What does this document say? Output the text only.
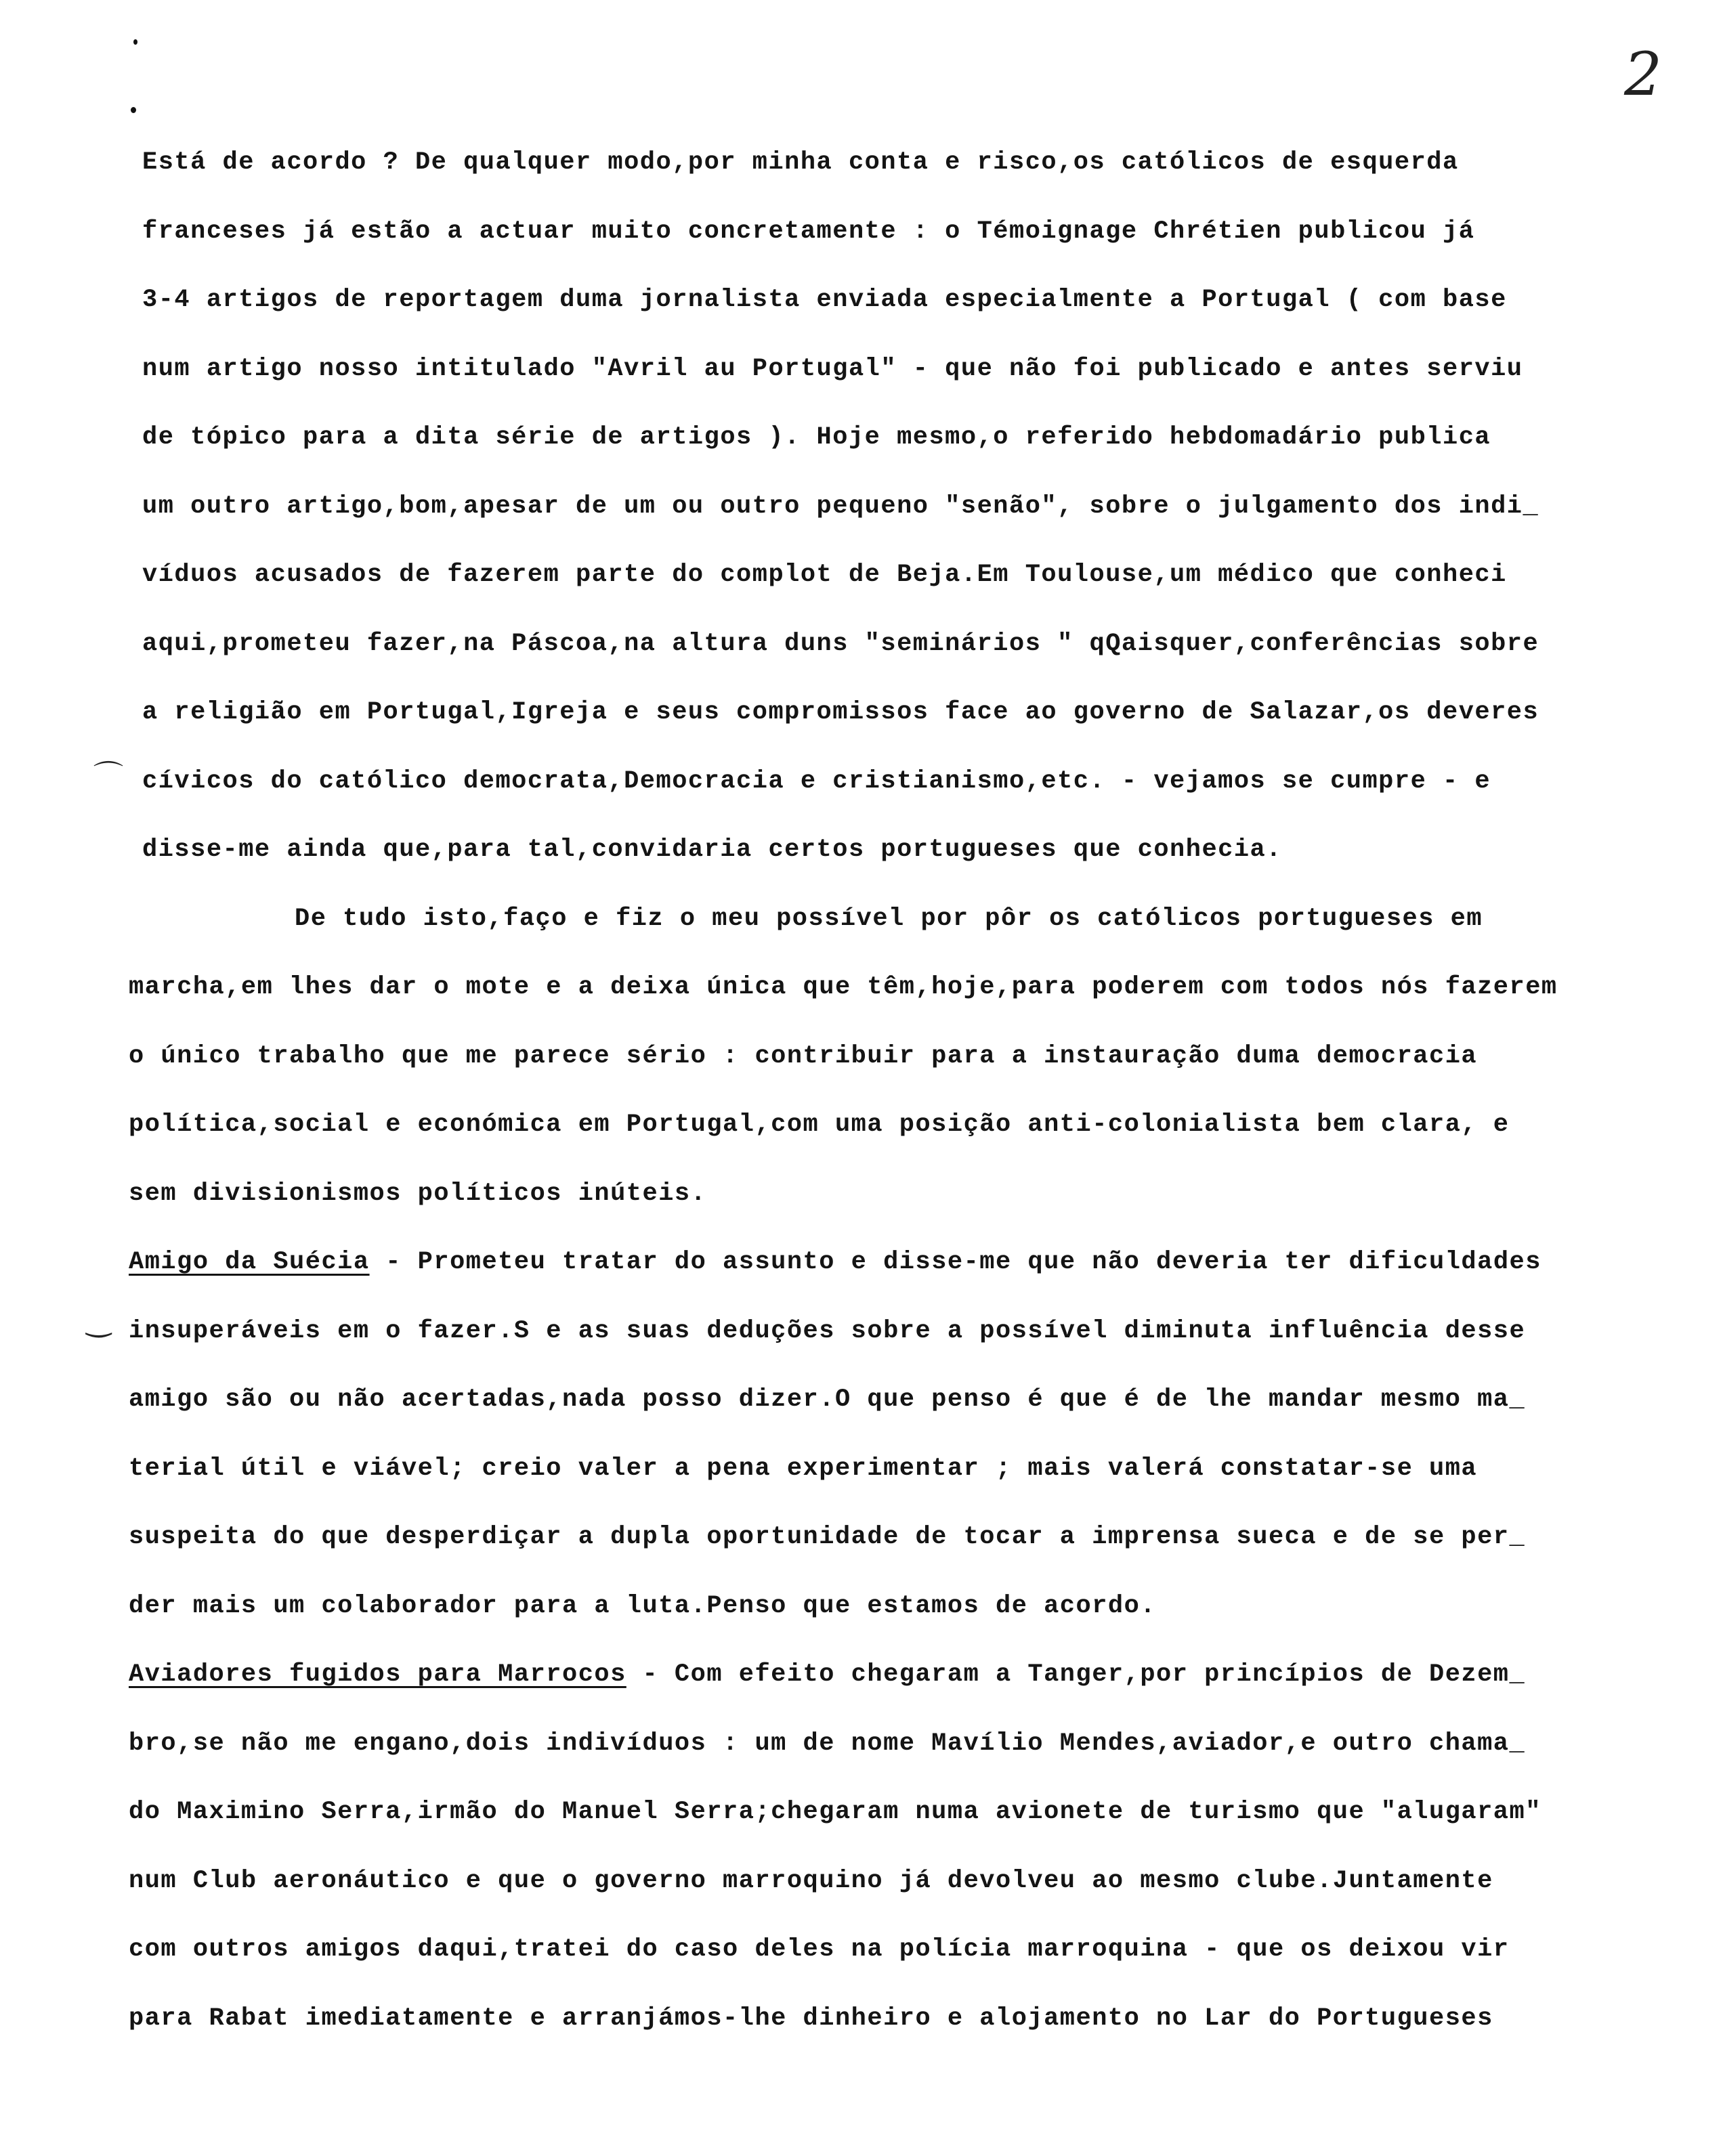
2
⌒
‿
Está de acordo ? De qualquer modo,por minha conta e risco,os católicos de esquerda
franceses já estão a actuar muito concretamente : o Témoignage Chrétien publicou já
3-4 artigos de reportagem duma jornalista enviada especialmente a Portugal ( com base
num artigo nosso intitulado "Avril au Portugal" - que não foi publicado e antes serviu
de tópico para a dita série de artigos ). Hoje mesmo,o referido hebdomadário publica
um outro artigo,bom,apesar de um ou outro pequeno "senão", sobre o julgamento dos indi_
víduos acusados de fazerem parte do complot de Beja.Em Toulouse,um médico que conheci
aqui,prometeu fazer,na Páscoa,na altura duns "seminários " qQaisquer,conferências sobre
a religião em Portugal,Igreja e seus compromissos face ao governo de Salazar,os deveres
cívicos do católico democrata,Democracia e cristianismo,etc. - vejamos se cumpre - e
disse-me ainda que,para tal,convidaria certos portugueses que conhecia.
De tudo isto,faço e fiz o meu possível por pôr os católicos portugueses em
marcha,em lhes dar o mote e a deixa única que têm,hoje,para poderem com todos nós fazerem
o único trabalho que me parece sério : contribuir para a instauração duma democracia
política,social e económica em Portugal,com uma posição anti-colonialista bem clara, e
sem divisionismos políticos inúteis.
Amigo da Suécia - Prometeu tratar do assunto e disse-me que não deveria ter dificuldades
insuperáveis em o fazer.S e as suas deduções sobre a possível diminuta influência desse
amigo são ou não acertadas,nada posso dizer.O que penso é que é de lhe mandar mesmo ma_
terial útil e viável; creio valer a pena experimentar ; mais valerá constatar-se uma
suspeita do que desperdiçar a dupla oportunidade de tocar a imprensa sueca e de se per_
der mais um colaborador para a luta.Penso que estamos de acordo.
Aviadores fugidos para Marrocos - Com efeito chegaram a Tanger,por princípios de Dezem_
bro,se não me engano,dois indivíduos : um de nome Mavílio Mendes,aviador,e outro chama_
do Maximino Serra,irmão do Manuel Serra;chegaram numa avionete de turismo que "alugaram"
num Club aeronáutico e que o governo marroquino já devolveu ao mesmo clube.Juntamente
com outros amigos daqui,tratei do caso deles na polícia marroquina - que os deixou vir
para Rabat imediatamente e arranjámos-lhe dinheiro e alojamento no Lar do Portugueses
